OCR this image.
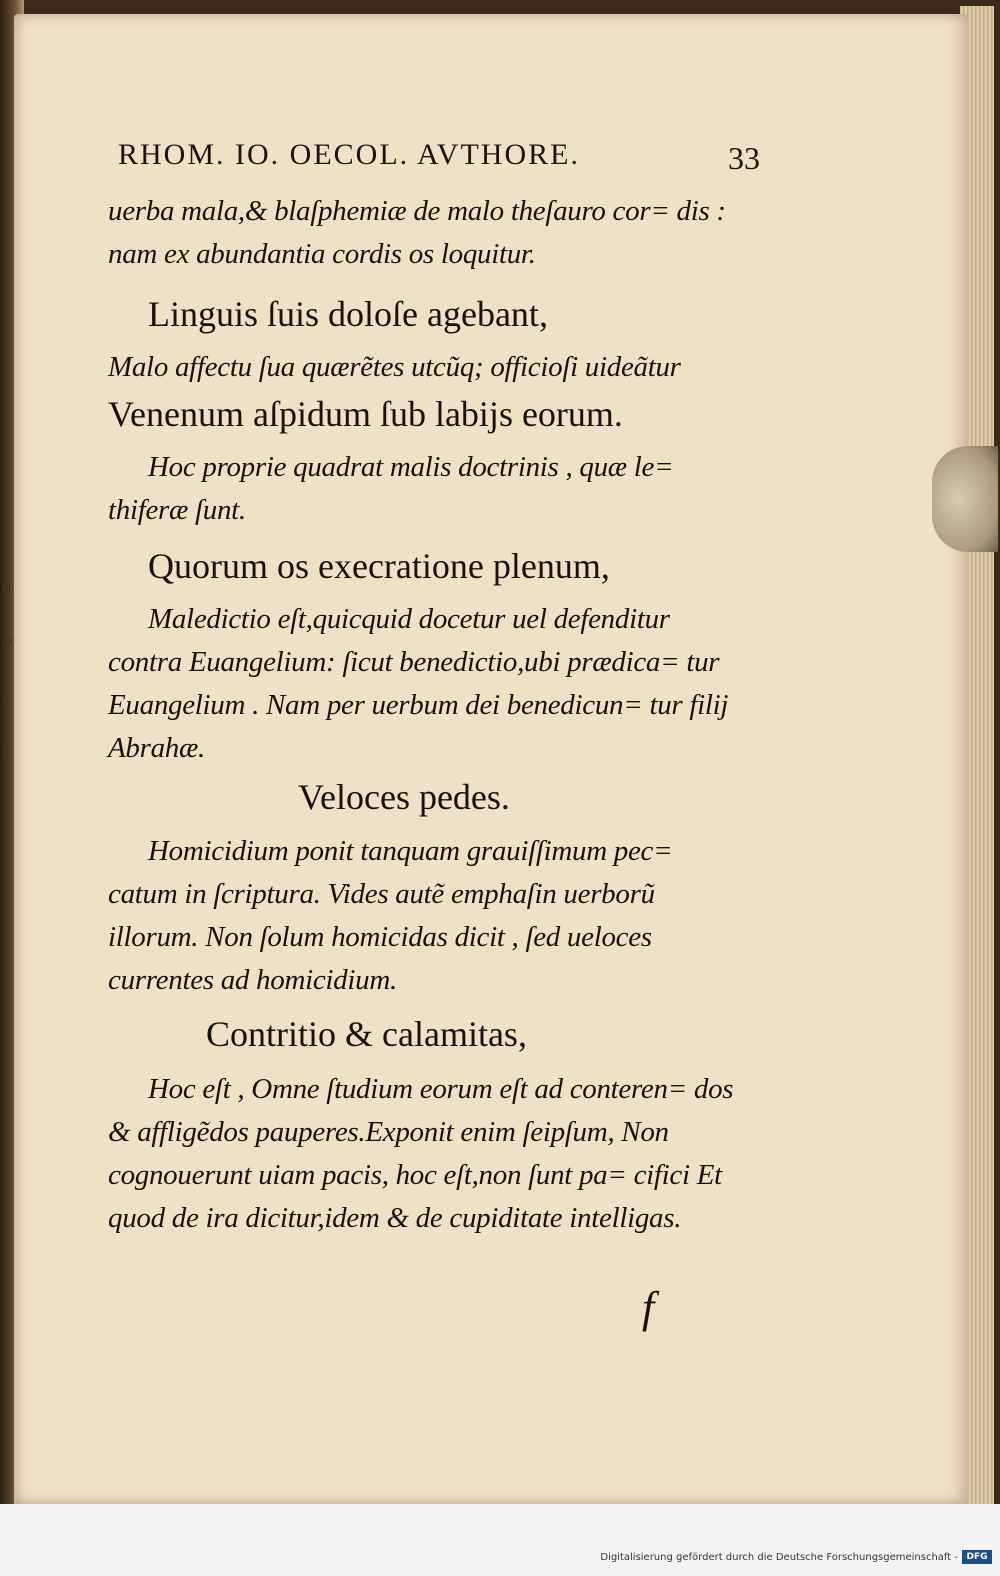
a
o
,
r
RHOM. IO. OECOL. AVTHORE.	33
uerba mala,& blaſphemiæ de malo theſauro cor= dis : nam ex abundantia cordis os loquitur.
Linguis ſuis doloſe agebant,
Malo affectu ſua quærẽtes utcũq; officioſi uideãtur
Venenum aſpidum ſub labijs eorum.
Hoc proprie quadrat malis doctrinis , quæ le= thiferæ ſunt.
Quorum os execratione plenum,
Maledictio eſt,quicquid docetur uel defenditur contra Euangelium: ſicut benedictio,ubi prædica= tur Euangelium . Nam per uerbum dei benedicun= tur filij Abrahæ.
Veloces pedes.
Homicidium ponit tanquam grauiſſimum pec= catum in ſcriptura. Vides autẽ emphaſin uerborũ illorum. Non ſolum homicidas dicit , ſed ueloces currentes ad homicidium.
Contritio & calamitas,
Hoc eſt , Omne ſtudium eorum eſt ad conteren= dos & affligẽdos pauperes.Exponit enim ſeipſum, Non cognouerunt uiam pacis, hoc eſt,non ſunt pa= cifici Et quod de ira dicitur,idem & de cupiditate intelligas.
f
Digitalisierung gefördert durch die Deutsche Forschungsgemeinschaft - DFG
